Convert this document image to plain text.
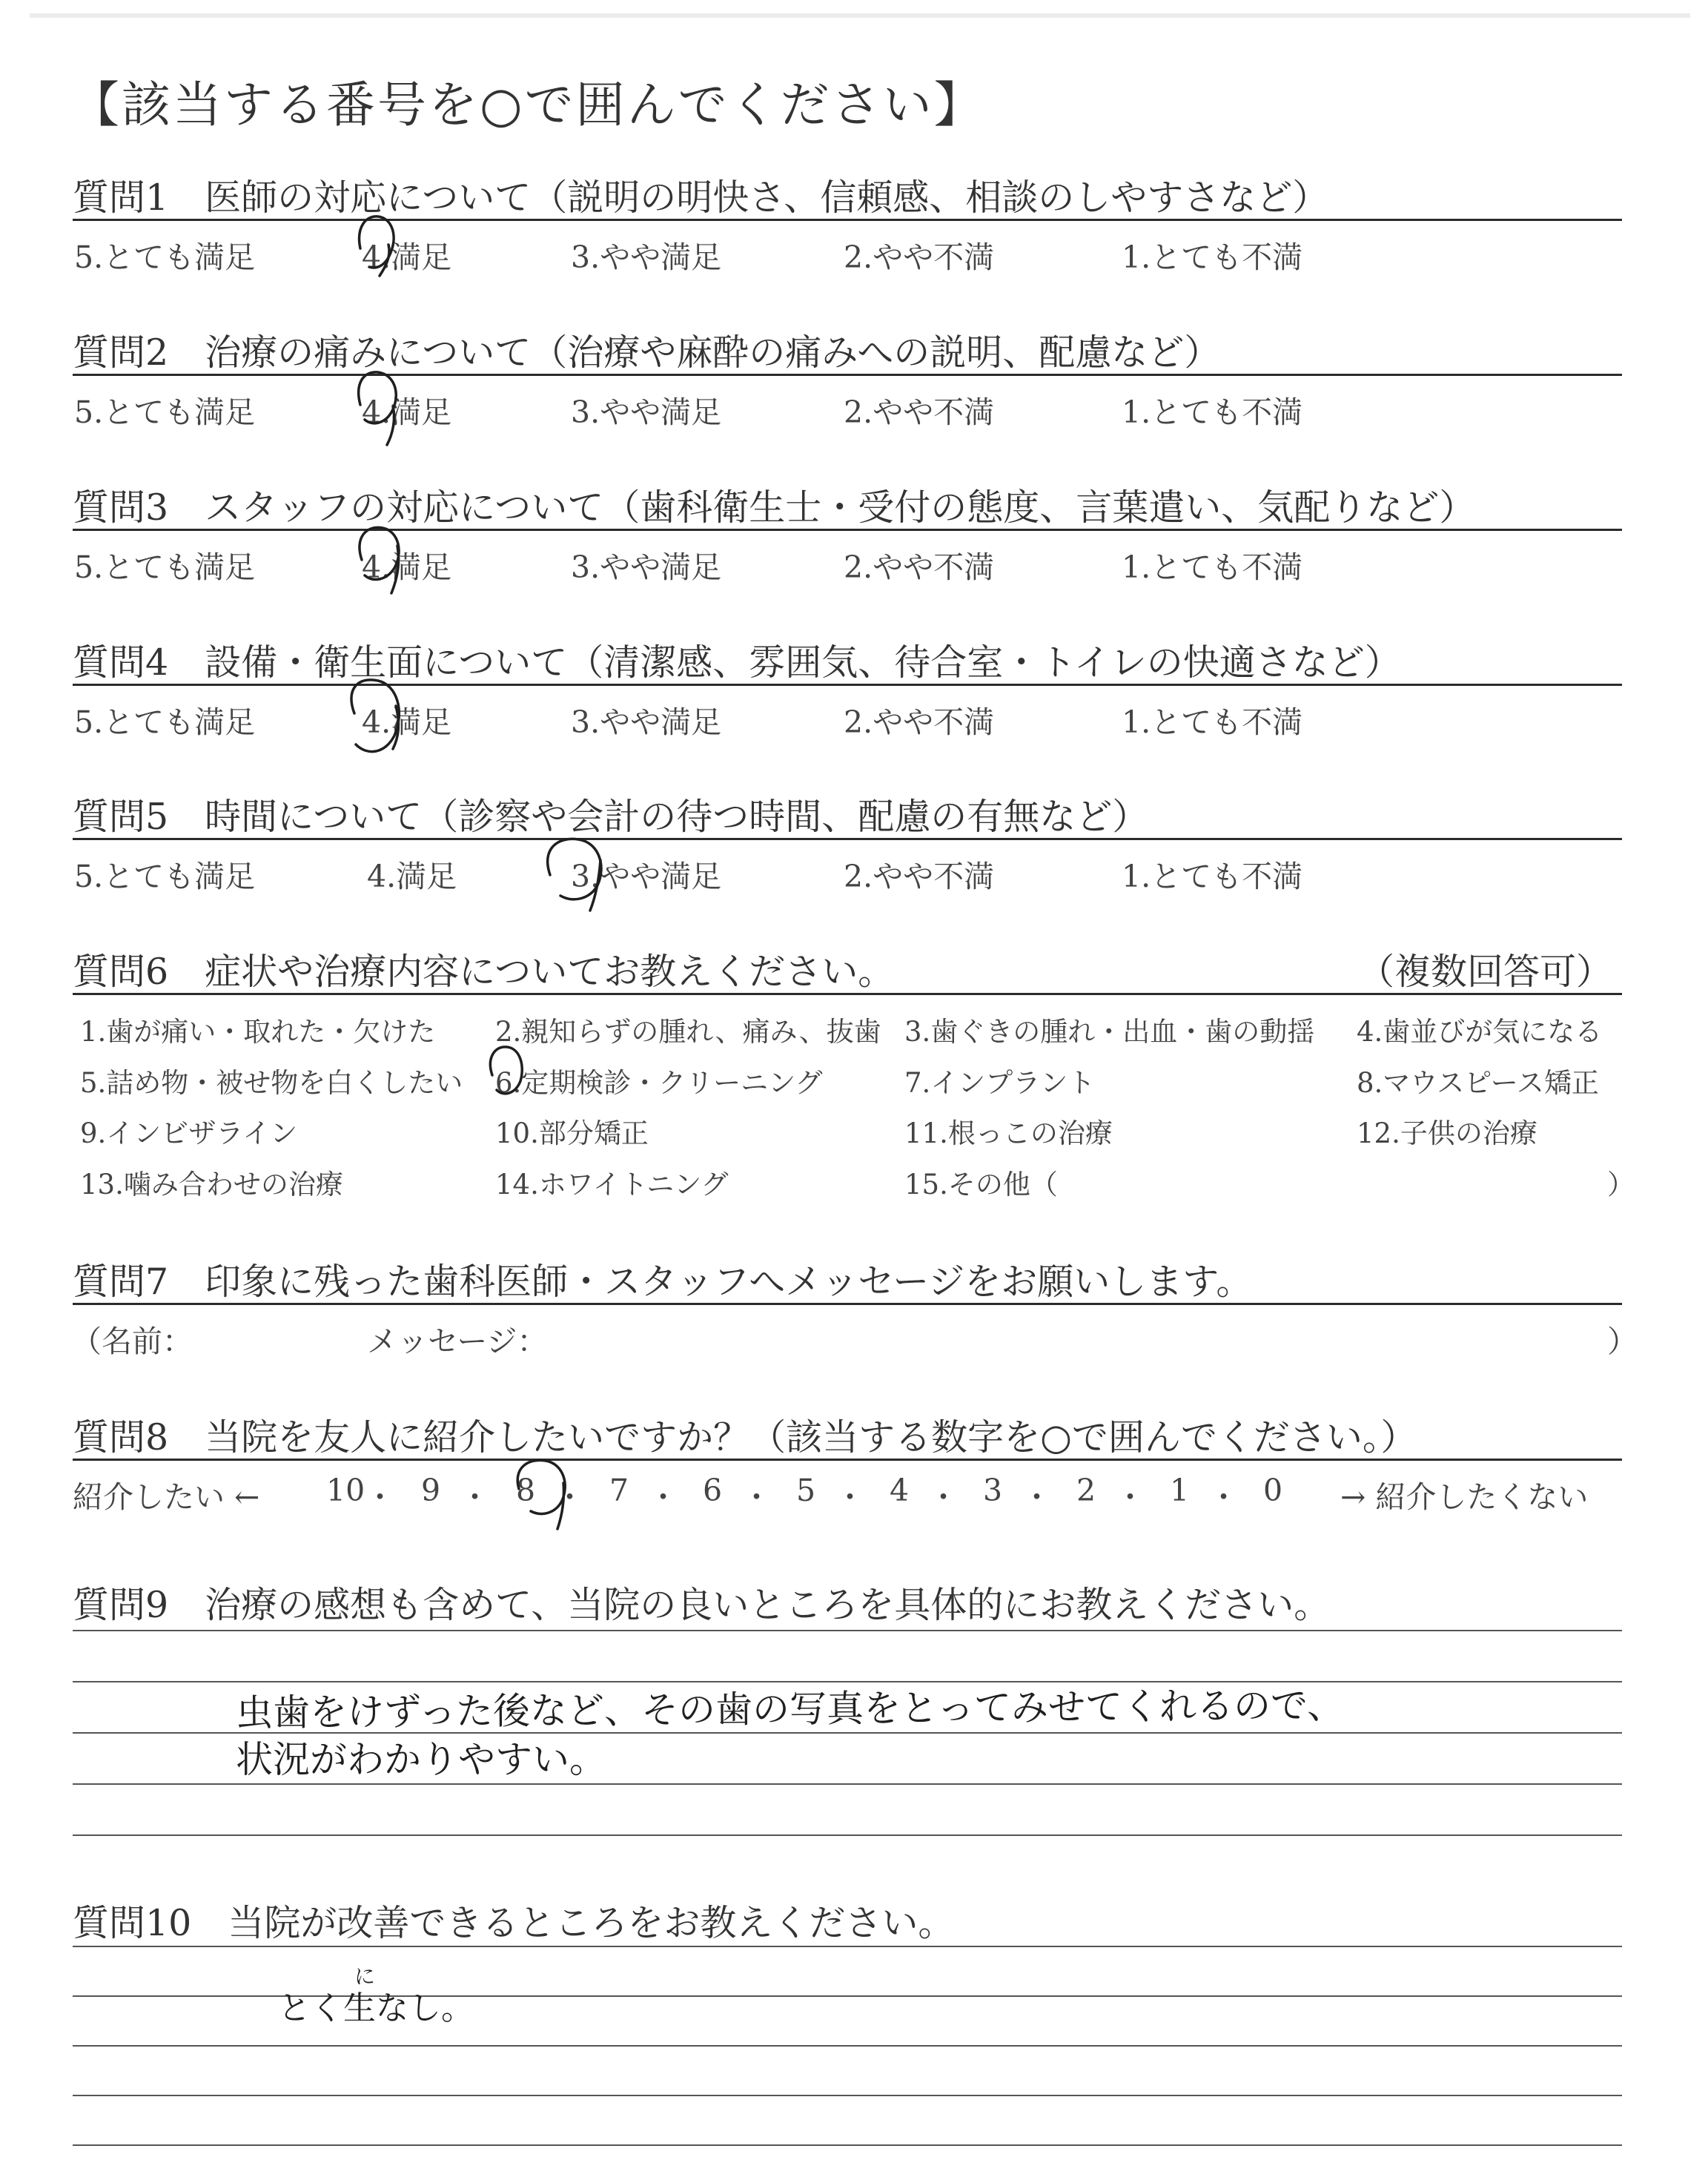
【該当する番号を○で囲んでください】
質問1　医師の対応について（説明の明快さ、信頼感、相談のしやすさなど）
5.とても満足	4.満足	3.やや満足	2.やや不満	1.とても不満
質問2　治療の痛みについて（治療や麻酔の痛みへの説明、配慮など）
5.とても満足	4.満足	3.やや満足	2.やや不満	1.とても不満
質問3　スタッフの対応について（歯科衛生士・受付の態度、言葉遣い、気配りなど）
5.とても満足	4.満足	3.やや満足	2.やや不満	1.とても不満
質問4　設備・衛生面について（清潔感、雰囲気、待合室・トイレの快適さなど）
5.とても満足	4.満足	3.やや満足	2.やや不満	1.とても不満
質問5　時間について（診察や会計の待つ時間、配慮の有無など）
5.とても満足	4.満足	3.やや満足	2.やや不満	1.とても不満
質問6　症状や治療内容についてお教えください。	（複数回答可）
1.歯が痛い・取れた・欠けた 2.親知らずの腫れ、痛み、抜歯 3.歯ぐきの腫れ・出血・歯の動揺 4.歯並びが気になる
5.詰め物・被せ物を白くしたい 6.定期検診・クリーニング	7.インプラント	8.マウスピース矯正
9.インビザライン	10.部分矯正	11.根っこの治療	12.子供の治療
13.噛み合わせの治療	14.ホワイトニング	15.その他（	）
質問7　印象に残った歯科医師・スタッフへメッセージをお願いします。
（名前：	メッセージ：	）
質問8　当院を友人に紹介したいですか？（該当する数字を○で囲んでください。）
紹介したい ← 10 ・ 9 ・ 8 ・ 7 ・ 6 ・ 5 ・ 4 ・ 3 ・ 2 ・ 1 ・ 0 → 紹介したくない
質問9　治療の感想も含めて、当院の良いところを具体的にお教えください。
質問10　当院が改善できるところをお教えください。
虫歯をけずった後など、その歯の写真をとってみせてくれるので、
状況がわかりやすい。
に
とく生なし。
